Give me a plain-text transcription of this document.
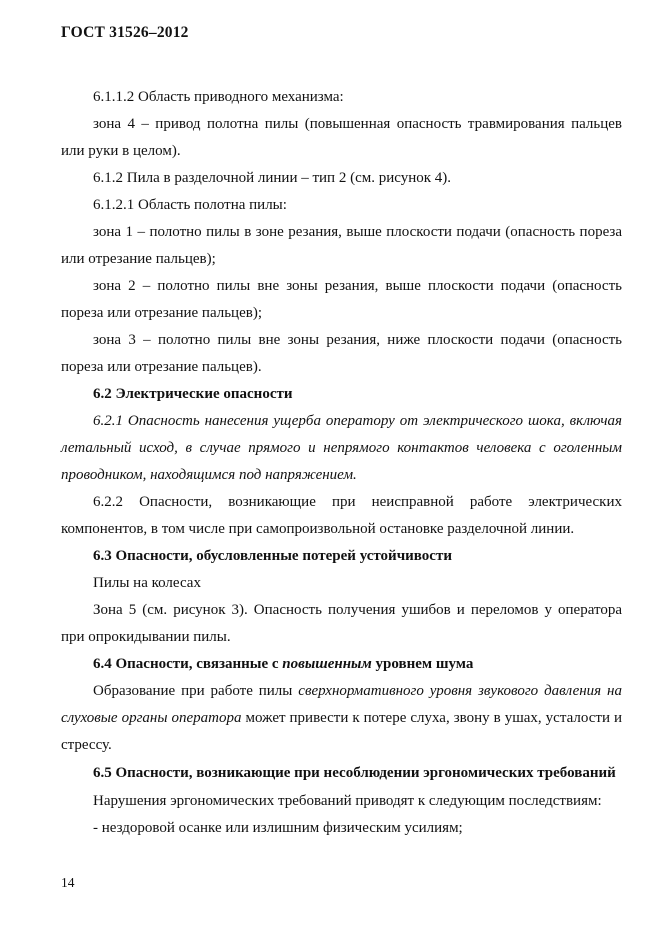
ГОСТ 31526–2012

6.1.1.2 Область приводного механизма:

зона 4 – привод полотна пилы (повышенная опасность травмирования пальцев или руки в целом).

6.1.2 Пила в разделочной линии – тип 2 (см. рисунок 4).

6.1.2.1 Область полотна пилы:

зона 1 – полотно пилы в зоне резания, выше плоскости подачи (опасность пореза или отрезание пальцев);

зона 2 – полотно пилы вне зоны резания, выше плоскости подачи (опасность пореза или отрезание пальцев);

зона 3 – полотно пилы вне зоны резания, ниже плоскости подачи (опасность пореза или отрезание пальцев).

6.2 Электрические опасности

6.2.1 Опасность нанесения ущерба оператору от электрического шока, включая летальный исход, в случае прямого и непрямого контактов человека с оголенным проводником, находящимся под напряжением.

6.2.2 Опасности, возникающие при неисправной работе электрических компонентов, в том числе при самопроизвольной остановке разделочной линии.

6.3 Опасности, обусловленные потерей устойчивости

Пилы на колесах

Зона 5 (см. рисунок 3). Опасность получения ушибов и переломов у оператора при опрокидывании пилы.

6.4 Опасности, связанные с повышенным уровнем шума

Образование при работе пилы сверхнормативного уровня звукового давления на слуховые органы оператора может привести к потере слуха, звону в ушах, усталости и стрессу.

6.5 Опасности, возникающие при несоблюдении эргономических требований

Нарушения эргономических требований приводят к следующим последствиям:

- нездоровой осанке или излишним физическим усилиям;

14
